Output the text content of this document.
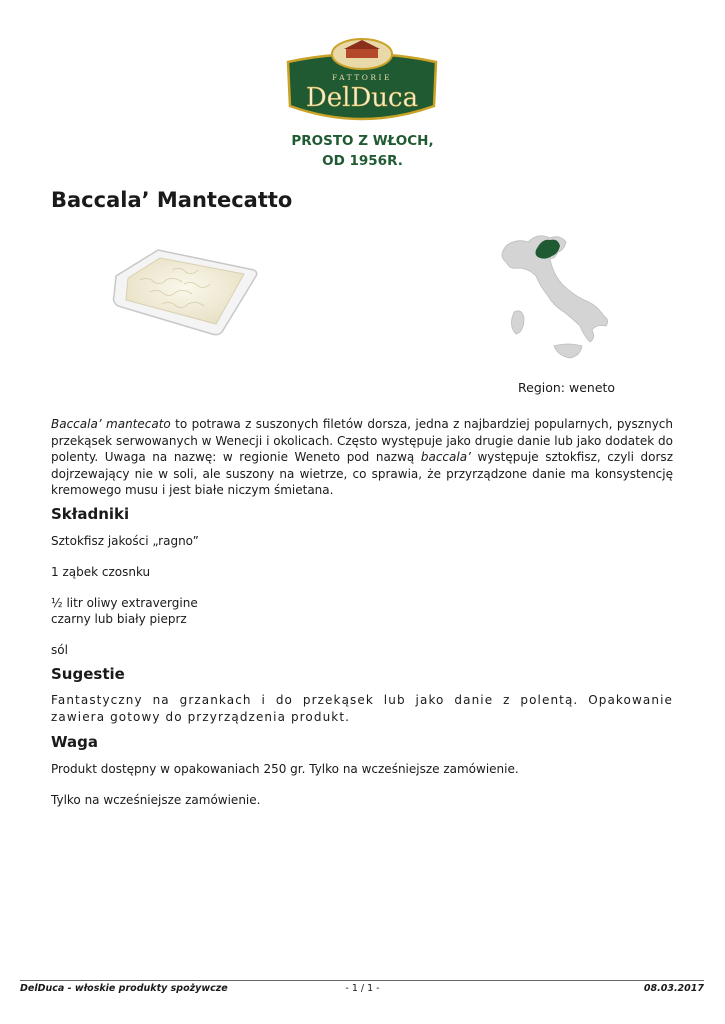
FATTORIE
DelDuca
PROSTO Z WŁOCH,
OD 1956R.
Baccala’ Mantecatto
Region: weneto

Baccala’ mantecato to potrawa z suszonych filetów dorsza, jedna z najbardziej popularnych, pysznych przekąsek serwowanych w Wenecji i okolicach. Często występuje jako drugie danie lub jako dodatek do polenty. Uwaga na nazwę: w regionie Weneto pod nazwą baccala’ występuje sztokfisz, czyli dorsz dojrzewający nie w soli, ale suszony na wietrze, co sprawia, że przyrządzone danie ma konsystencję kremowego musu i jest białe niczym śmietana.

Składniki

Sztokfisz jakości „ragno”

1 ząbek czosnku

½ litr oliwy extravergine

czarny lub biały pieprz

sól

Sugestie

Fantastyczny na grzankach i do przekąsek lub jako danie z polentą. Opakowanie zawiera gotowy do przyrządzenia produkt.

Waga

Produkt dostępny w opakowaniach 250 gr. Tylko na wcześniejsze zamówienie.

Tylko na wcześniejsze zamówienie.

DelDuca - włoskie produkty spożywcze	- 1 / 1 -	08.03.2017
